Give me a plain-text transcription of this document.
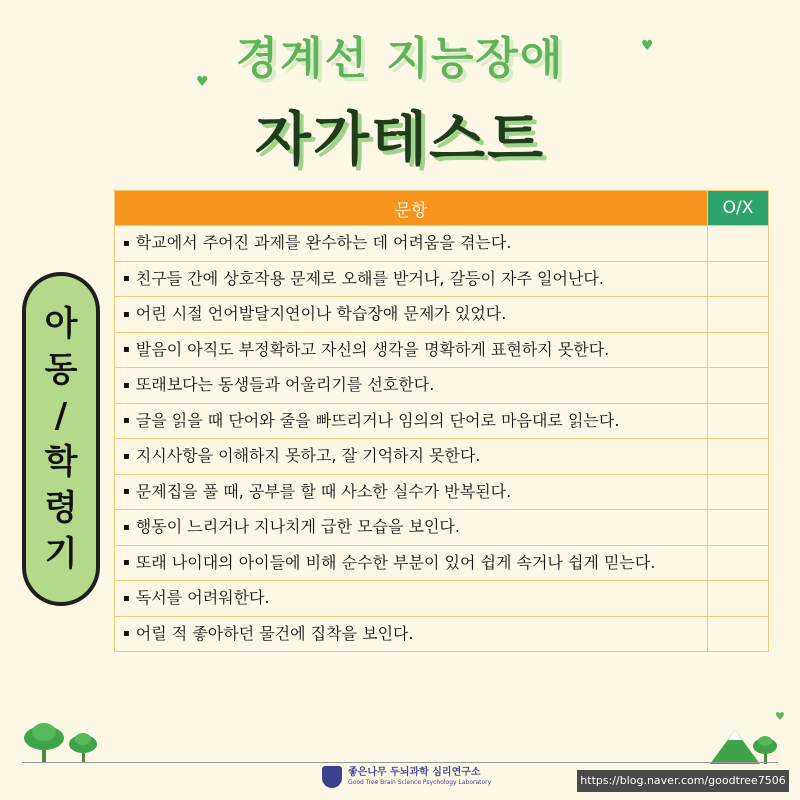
♥
♥
♥
경계선 지능장애
자가테스트
아
동
/
학
령
기
문항	O/X
▪ 학교에서 주어진 과제를 완수하는 데 어려움을 겪는다.	
▪ 친구들 간에 상호작용 문제로 오해를 받거나, 갈등이 자주 일어난다.	
▪ 어린 시절 언어발달지연이나 학습장애 문제가 있었다.	
▪ 발음이 아직도 부정확하고 자신의 생각을 명확하게 표현하지 못한다.	
▪ 또래보다는 동생들과 어울리기를 선호한다.	
▪ 글을 읽을 때 단어와 줄을 빠뜨리거나 임의의 단어로 마음대로 읽는다.	
▪ 지시사항을 이해하지 못하고, 잘 기억하지 못한다.	
▪ 문제집을 풀 때, 공부를 할 때 사소한 실수가 반복된다.	
▪ 행동이 느리거나 지나치게 급한 모습을 보인다.	
▪ 또래 나이대의 아이들에 비해 순수한 부분이 있어 쉽게 속거나 쉽게 믿는다.	
▪ 독서를 어려워한다.	
▪ 어릴 적 좋아하던 물건에 집착을 보인다.	
좋은나무 두뇌과학 심리연구소
Good Tree Brain Science Psychology Laboratory	https://blog.naver.com/goodtree7506
